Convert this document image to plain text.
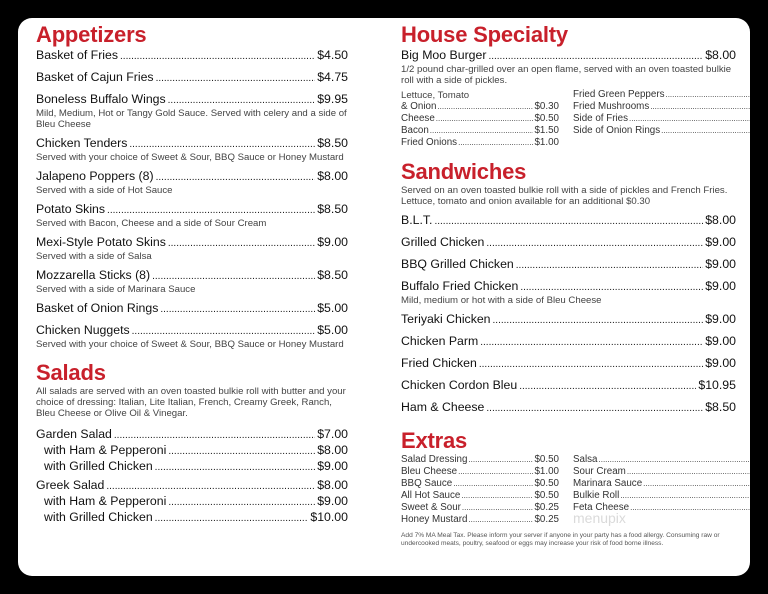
Appetizers
Basket of Fries .....	$4.50
Basket of Cajun Fries .....	$4.75
Boneless Buffalo Wings .....	$9.95
Mild, Medium, Hot or Tangy Gold Sauce. Served with celery and a side of Bleu Cheese
Chicken Tenders .....	$8.50
Served with your choice of Sweet & Sour, BBQ Sauce or Honey Mustard
Jalapeno Poppers (8) .....	$8.00
Served with a side of Hot Sauce
Potato Skins .....	$8.50
Served with Bacon, Cheese and a side of Sour Cream
Mexi-Style Potato Skins .....	$9.00
Served with a side of Salsa
Mozzarella Sticks (8) .....	$8.50
Served with a side of Marinara Sauce
Basket of Onion Rings .....	$5.00
Chicken Nuggets .....	$5.00
Served with your choice of Sweet & Sour, BBQ Sauce or Honey Mustard
Salads
All salads are served with an oven toasted bulkie roll with butter and your choice of dressing: Italian, Lite Italian, French, Creamy Greek, Ranch, Bleu Cheese or Olive Oil & Vinegar.
Garden Salad .....	$7.00
with Ham & Pepperoni .....	$8.00
with Grilled Chicken .....	$9.00
Greek Salad .....	$8.00
with Ham & Pepperoni .....	$9.00
with Grilled Chicken .....	$10.00
House Specialty
Big Moo Burger .....	$8.00
1/2 pound char-grilled over an open flame, served with an oven toasted bulkie roll with a side of pickles.
Lettuce, Tomato
& Onion .....	$0.30
Cheese .....	$0.50
Bacon .....	$1.50
Fried Onions .....	$1.00
Fried Green Peppers
.....
Fried Mushrooms
.....
Side of Fries
.....
Side of Onion Rings
.....
Sandwiches
Served on an oven toasted bulkie roll with a side of pickles and French Fries. Lettuce, tomato and onion available for an additional $0.30
B.L.T. .....	$8.00
Grilled Chicken .....	$9.00
BBQ Grilled Chicken .....	$9.00
Buffalo Fried Chicken .....	$9.00
Mild, medium or hot with a side of Bleu Cheese
Teriyaki Chicken .....	$9.00
Chicken Parm .....	$9.00
Fried Chicken .....	$9.00
Chicken Cordon Bleu .....	$10.95
Ham & Cheese .....	$8.50
Extras
Salad Dressing .....	$0.50
Bleu Cheese .....	$1.00
BBQ Sauce .....	$0.50
All Hot Sauce .....	$0.50
Sweet & Sour .....	$0.25
Honey Mustard .....	$0.25
Salsa
.....
Sour Cream
.....
Marinara Sauce
.....
Bulkie Roll
.....
Feta Cheese
.....
Add 7% MA Meal Tax. Please inform your server if anyone in your party has a food allergy. Consuming raw or undercooked meats, poultry, seafood or eggs may increase your risk of food borne illness.
menupix
